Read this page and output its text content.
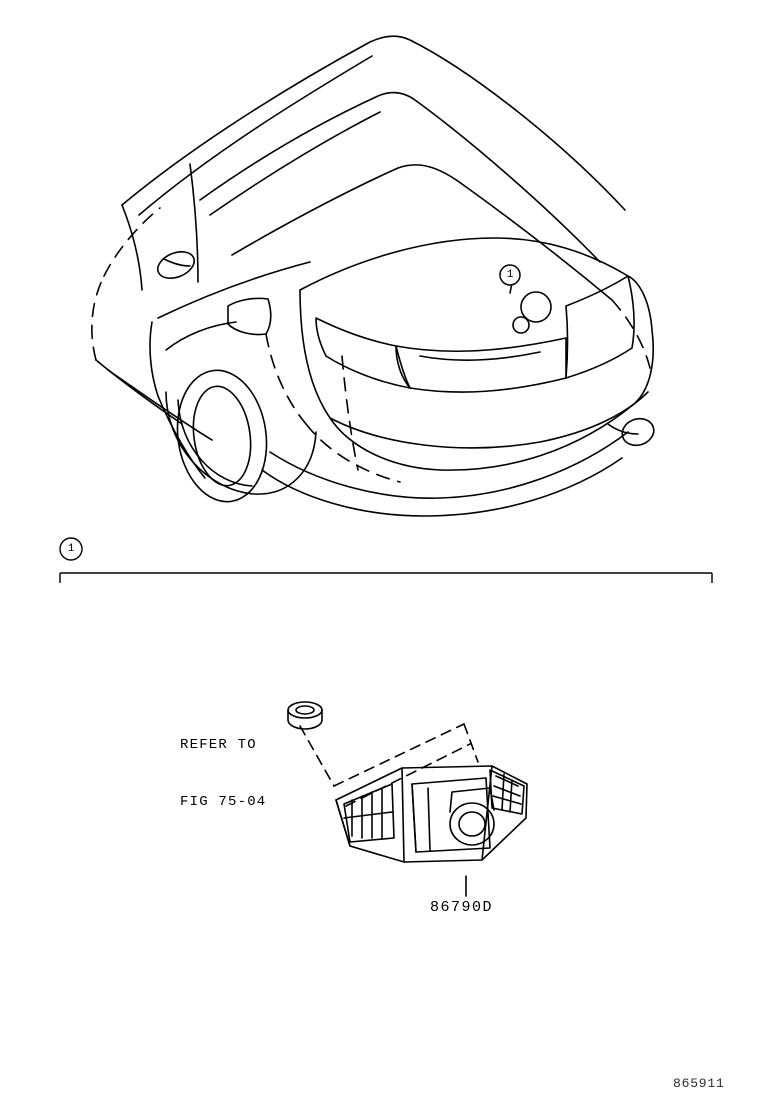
REFER TO

FIG 75-04

86790D
865911
1
1
